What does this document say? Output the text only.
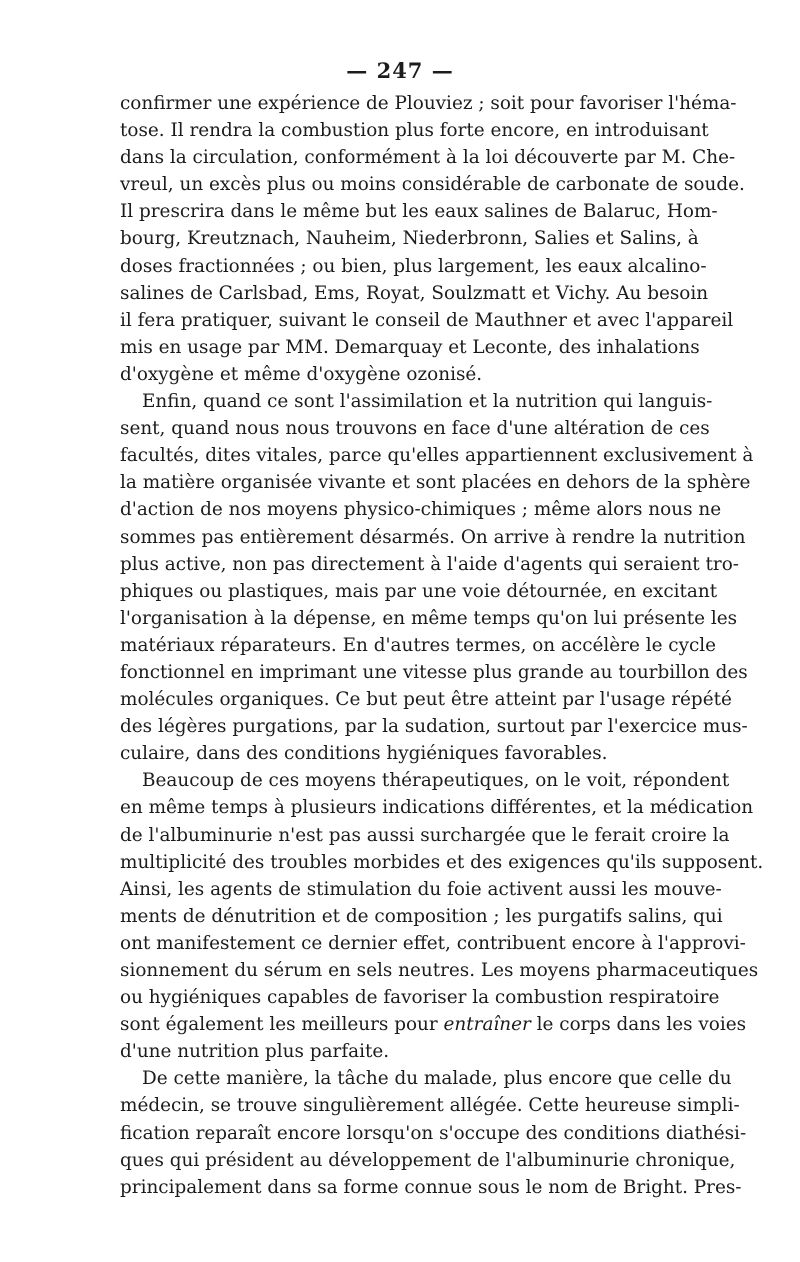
— 247 —
confirmer une expérience de Plouviez ; soit pour favoriser l'héma-
tose. Il rendra la combustion plus forte encore, en introduisant
dans la circulation, conformément à la loi découverte par M. Che-
vreul, un excès plus ou moins considérable de carbonate de soude.
Il prescrira dans le même but les eaux salines de Balaruc, Hom-
bourg, Kreutznach, Nauheim, Niederbronn, Salies et Salins, à
doses fractionnées ; ou bien, plus largement, les eaux alcalino-
salines de Carlsbad, Ems, Royat, Soulzmatt et Vichy. Au besoin
il fera pratiquer, suivant le conseil de Mauthner et avec l'appareil
mis en usage par MM. Demarquay et Leconte, des inhalations
d'oxygène et même d'oxygène ozonisé.
Enfin, quand ce sont l'assimilation et la nutrition qui languis-
sent, quand nous nous trouvons en face d'une altération de ces
facultés, dites vitales, parce qu'elles appartiennent exclusivement à
la matière organisée vivante et sont placées en dehors de la sphère
d'action de nos moyens physico-chimiques ; même alors nous ne
sommes pas entièrement désarmés. On arrive à rendre la nutrition
plus active, non pas directement à l'aide d'agents qui seraient tro-
phiques ou plastiques, mais par une voie détournée, en excitant
l'organisation à la dépense, en même temps qu'on lui présente les
matériaux réparateurs. En d'autres termes, on accélère le cycle
fonctionnel en imprimant une vitesse plus grande au tourbillon des
molécules organiques. Ce but peut être atteint par l'usage répété
des légères purgations, par la sudation, surtout par l'exercice mus-
culaire, dans des conditions hygiéniques favorables.
Beaucoup de ces moyens thérapeutiques, on le voit, répondent
en même temps à plusieurs indications différentes, et la médication
de l'albuminurie n'est pas aussi surchargée que le ferait croire la
multiplicité des troubles morbides et des exigences qu'ils supposent.
Ainsi, les agents de stimulation du foie activent aussi les mouve-
ments de dénutrition et de composition ; les purgatifs salins, qui
ont manifestement ce dernier effet, contribuent encore à l'approvi-
sionnement du sérum en sels neutres. Les moyens pharmaceutiques
ou hygiéniques capables de favoriser la combustion respiratoire
sont également les meilleurs pour entraîner le corps dans les voies
d'une nutrition plus parfaite.
De cette manière, la tâche du malade, plus encore que celle du
médecin, se trouve singulièrement allégée. Cette heureuse simpli-
fication reparaît encore lorsqu'on s'occupe des conditions diathési-
ques qui président au développement de l'albuminurie chronique,
principalement dans sa forme connue sous le nom de Bright. Pres-
